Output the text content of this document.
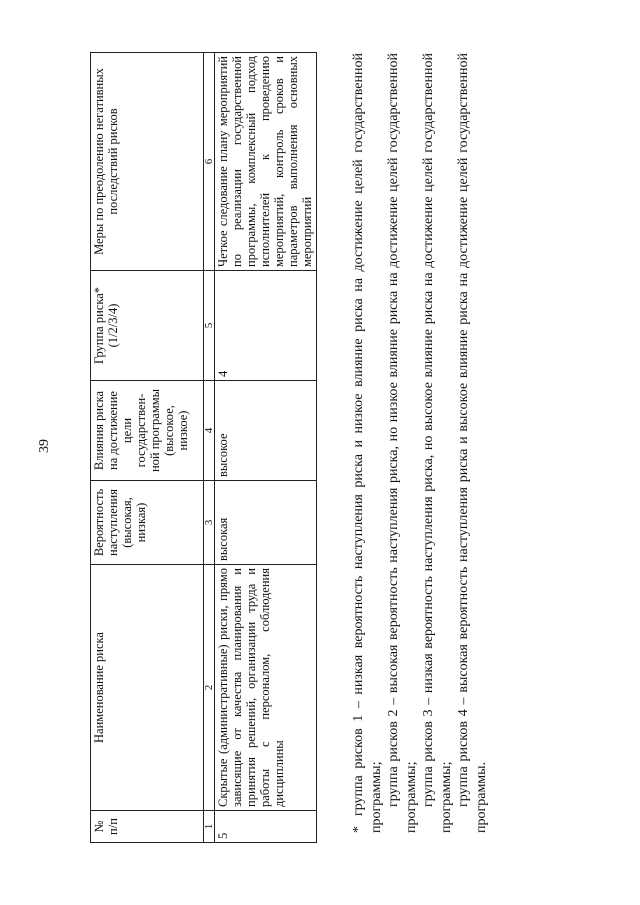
39
№ п/п	Наименование риска	Вероятность наступления (высокая, низкая)	Влияния риска на достижение цели государствен-ной программы (высокое, низкое)	Группа риска* (1/2/3/4)	Меры по преодолению негативных последствий рисков
1	2	3	4	5	6
5	Скрытые (административные) риски, прямо зависящие от качества планирования и принятия решений, организации труда и работы с персоналом, соблюдения дисциплины	высокая	высокое	4	Четкое следование плану мероприятий по реализации государственной программы, комплексный подход исполнителей к проведению мероприятий, контроль сроков и параметров выполнения основных мероприятий

*группа рисков 1 – низкая вероятность наступления риска и низкое влияние риска на достижение целей государственной программы; группа рисков 2 – высокая вероятность наступления риска, но низкое влияние риска на достижение целей государственной программы; группа рисков 3 – низкая вероятность наступления риска, но высокое влияние риска на достижение целей государственной программы; группа рисков 4 – высокая вероятность наступления риска и высокое влияние риска на достижение целей государственной программы.
